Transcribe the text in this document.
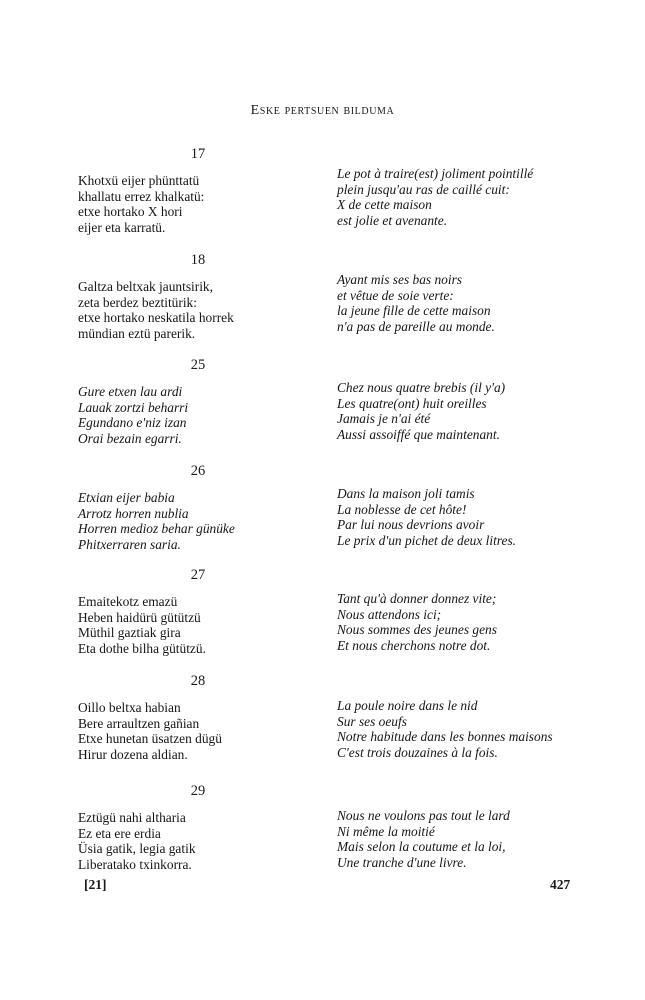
Eske pertsuen bilduma
17
Khotxü eijer phünttatü
khallatu errez khalkatü:
etxe hortako X hori
eijer eta karratü.
Le pot à traire(est) joliment pointillé
plein jusqu'au ras de caillé cuit:
X de cette maison
est jolie et avenante.
18
Galtza beltxak jauntsirik,
zeta berdez beztitürik:
etxe hortako neskatila horrek
mündian eztü parerik.
Ayant mis ses bas noirs
et vêtue de soie verte:
la jeune fille de cette maison
n'a pas de pareille au monde.
25
Gure etxen lau ardi
Lauak zortzi beharri
Egundano e'niz izan
Orai bezain egarri.
Chez nous quatre brebis (il y'a)
Les quatre(ont) huit oreilles
Jamais je n'ai été
Aussi assoiffé que maintenant.
26
Etxian eijer babia
Arrotz horren nublia
Horren medioz behar günüke
Phitxerraren saria.
Dans la maison joli tamis
La noblesse de cet hôte!
Par lui nous devrions avoir
Le prix d'un pichet de deux litres.
27
Emaitekotz emazü
Heben haidürü gütützü
Müthil gaztiak gira
Eta dothe bilha gütützü.
Tant qu'à donner donnez vite;
Nous attendons ici;
Nous sommes des jeunes gens
Et nous cherchons notre dot.
28
Oillo beltxa habian
Bere arraultzen gañian
Etxe hunetan üsatzen dügü
Hirur dozena aldian.
La poule noire dans le nid
Sur ses oeufs
Notre habitude dans les bonnes maisons
C'est trois douzaines à la fois.
29
Eztügü nahi altharia
Ez eta ere erdia
Üsia gatik, legia gatik
Liberatako txinkorra.
Nous ne voulons pas tout le lard
Ni même la moitié
Mais selon la coutume et la loi,
Une tranche d'une livre.
[21]	427
